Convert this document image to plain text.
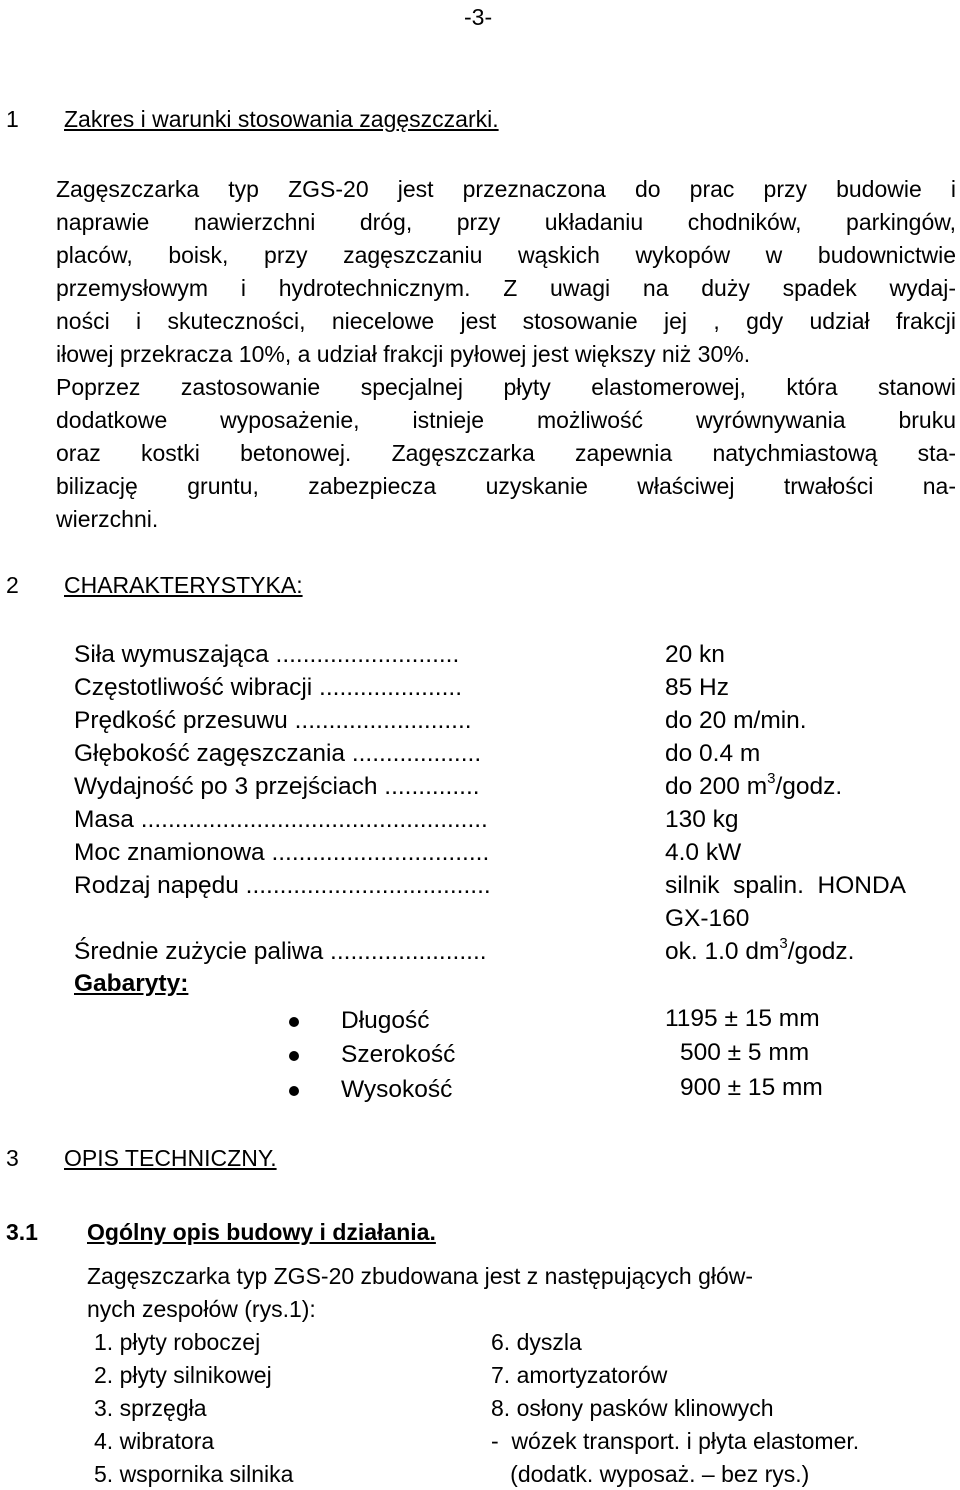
-3-
1 Zakres i warunki stosowania zagęszczarki.
Zagęszczarka typ ZGS-20 jest przeznaczona do prac przy budowie i
naprawie nawierzchni dróg, przy układaniu chodników, parkingów,
placów, boisk, przy zagęszczaniu wąskich wykopów w budownictwie
przemysłowym i hydrotechnicznym. Z uwagi na duży spadek wydaj-
ności i skuteczności, niecelowe jest stosowanie jej , gdy udział frakcji
iłowej przekracza 10%, a udział frakcji pyłowej jest większy niż 30%.
Poprzez zastosowanie specjalnej płyty elastomerowej, która stanowi
dodatkowe wyposażenie, istnieje możliwość wyrównywania bruku
oraz kostki betonowej. Zagęszczarka zapewnia natychmiastową sta-
bilizację gruntu, zabezpiecza uzyskanie właściwej trwałości na-
wierzchni.
2 CHARAKTERYSTYKA:
Siła wymuszająca ...........................	20 kn
Częstotliwość wibracji .....................	85 Hz
Prędkość przesuwu ..........................	do 20 m/min.
Głębokość zagęszczania ...................	do 0.4 m
Wydajność po 3 przejściach ..............	do 200 $m^3$/godz.
Masa ...................................................	130 kg
Moc znamionowa ................................	4.0 kW
Rodzaj napędu ....................................	silnik  spalin.  HONDA
GX-160
Średnie zużycie paliwa .......................	ok. 1.0 $dm^3$/godz.
Gabaryty:
Długość	1195 ± 15 mm
Szerokość	500 ± 5 mm
Wysokość	900 ± 15 mm
3 OPIS TECHNICZNY.
3.1 Ogólny opis budowy i działania.
Zagęszczarka typ ZGS-20 zbudowana jest z następujących głów-
nych zespołów (rys.1):
1. płyty roboczej
2. płyty silnikowej
3. sprzęgła
4. wibratora
5. wspornika silnika
6. dyszla
7. amortyzatorów
8. osłony pasków klinowych
-  wózek transport. i płyta elastomer.
(dodatk. wyposaż. – bez rys.)
